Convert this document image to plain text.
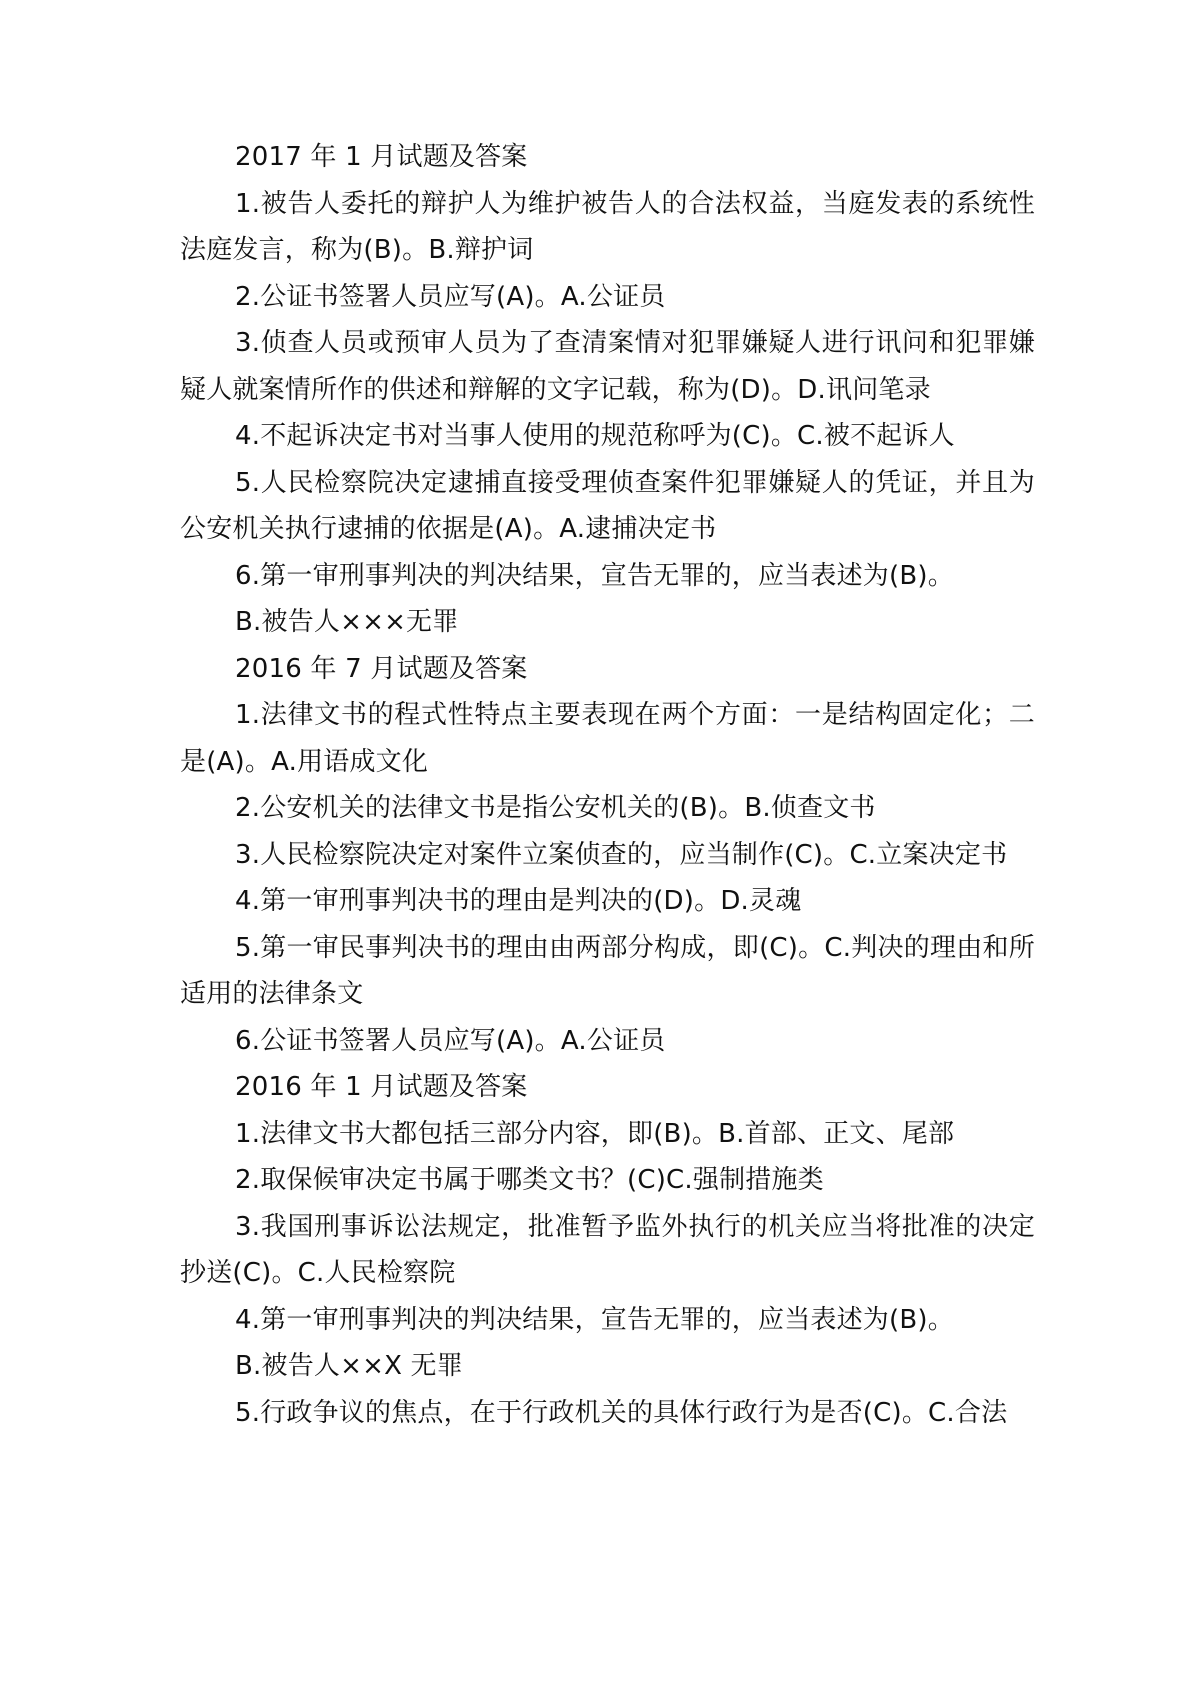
2017 年 1 月试题及答案

1.被告人委托的辩护人为维护被告人的合法权益，当庭发表的系统性法庭发言，称为(B)。B.辩护词

2.公证书签署人员应写(A)。A.公证员

3.侦查人员或预审人员为了查清案情对犯罪嫌疑人进行讯问和犯罪嫌疑人就案情所作的供述和辩解的文字记载，称为(D)。D.讯问笔录

4.不起诉决定书对当事人使用的规范称呼为(C)。C.被不起诉人

5.人民检察院决定逮捕直接受理侦查案件犯罪嫌疑人的凭证，并且为公安机关执行逮捕的依据是(A)。A.逮捕决定书

6.第一审刑事判决的判决结果，宣告无罪的，应当表述为(B)。

B.被告人×××无罪

2016 年 7 月试题及答案

1.法律文书的程式性特点主要表现在两个方面：一是结构固定化；二是(A)。A.用语成文化

2.公安机关的法律文书是指公安机关的(B)。B.侦查文书

3.人民检察院决定对案件立案侦查的，应当制作(C)。C.立案决定书

4.第一审刑事判决书的理由是判决的(D)。D.灵魂

5.第一审民事判决书的理由由两部分构成，即(C)。C.判决的理由和所适用的法律条文

6.公证书签署人员应写(A)。A.公证员

2016 年 1 月试题及答案

1.法律文书大都包括三部分内容，即(B)。B.首部、正文、尾部

2.取保候审决定书属于哪类文书？(C)C.强制措施类

3.我国刑事诉讼法规定，批准暂予监外执行的机关应当将批准的决定抄送(C)。C.人民检察院

4.第一审刑事判决的判决结果，宣告无罪的，应当表述为(B)。

B.被告人××X 无罪

5.行政争议的焦点，在于行政机关的具体行政行为是否(C)。C.合法
